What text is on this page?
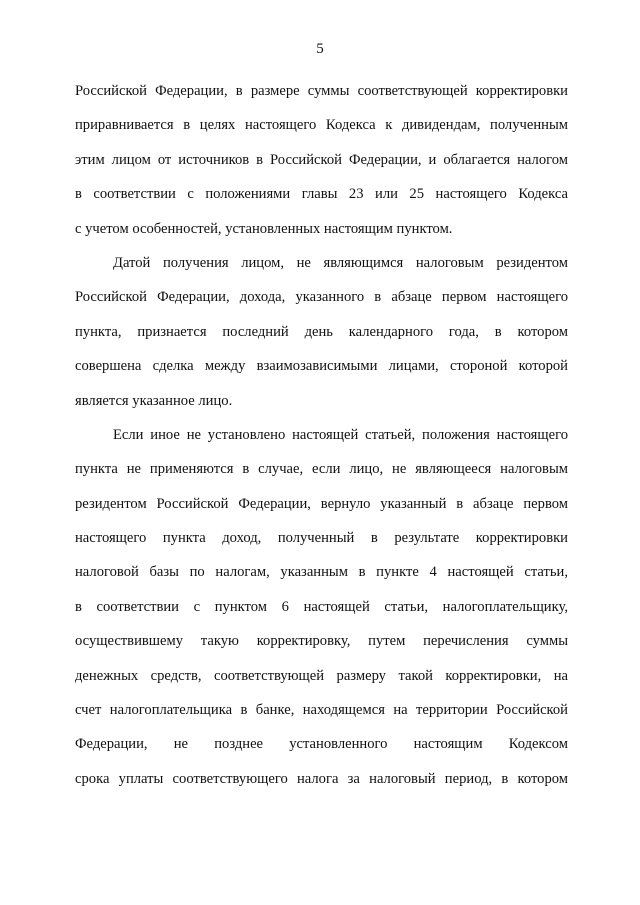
5

Российской Федерации, в размере суммы соответствующей корректировки
приравнивается в целях настоящего Кодекса к дивидендам, полученным
этим лицом от источников в Российской Федерации, и облагается налогом
в соответствии с положениями главы 23 или 25 настоящего Кодекса
с учетом особенностей, установленных настоящим пунктом.

Датой получения лицом, не являющимся налоговым резидентом
Российской Федерации, дохода, указанного в абзаце первом настоящего
пункта, признается последний день календарного года, в котором
совершена сделка между взаимозависимыми лицами, стороной которой
является указанное лицо.

Если иное не установлено настоящей статьей, положения настоящего
пункта не применяются в случае, если лицо, не являющееся налоговым
резидентом Российской Федерации, вернуло указанный в абзаце первом
настоящего пункта доход, полученный в результате корректировки
налоговой базы по налогам, указанным в пункте 4 настоящей статьи,
в соответствии с пунктом 6 настоящей статьи, налогоплательщику,
осуществившему такую корректировку, путем перечисления суммы
денежных средств, соответствующей размеру такой корректировки, на
счет налогоплательщика в банке, находящемся на территории Российской
Федерации, не позднее установленного настоящим Кодексом
срока уплаты соответствующего налога за налоговый период, в котором
